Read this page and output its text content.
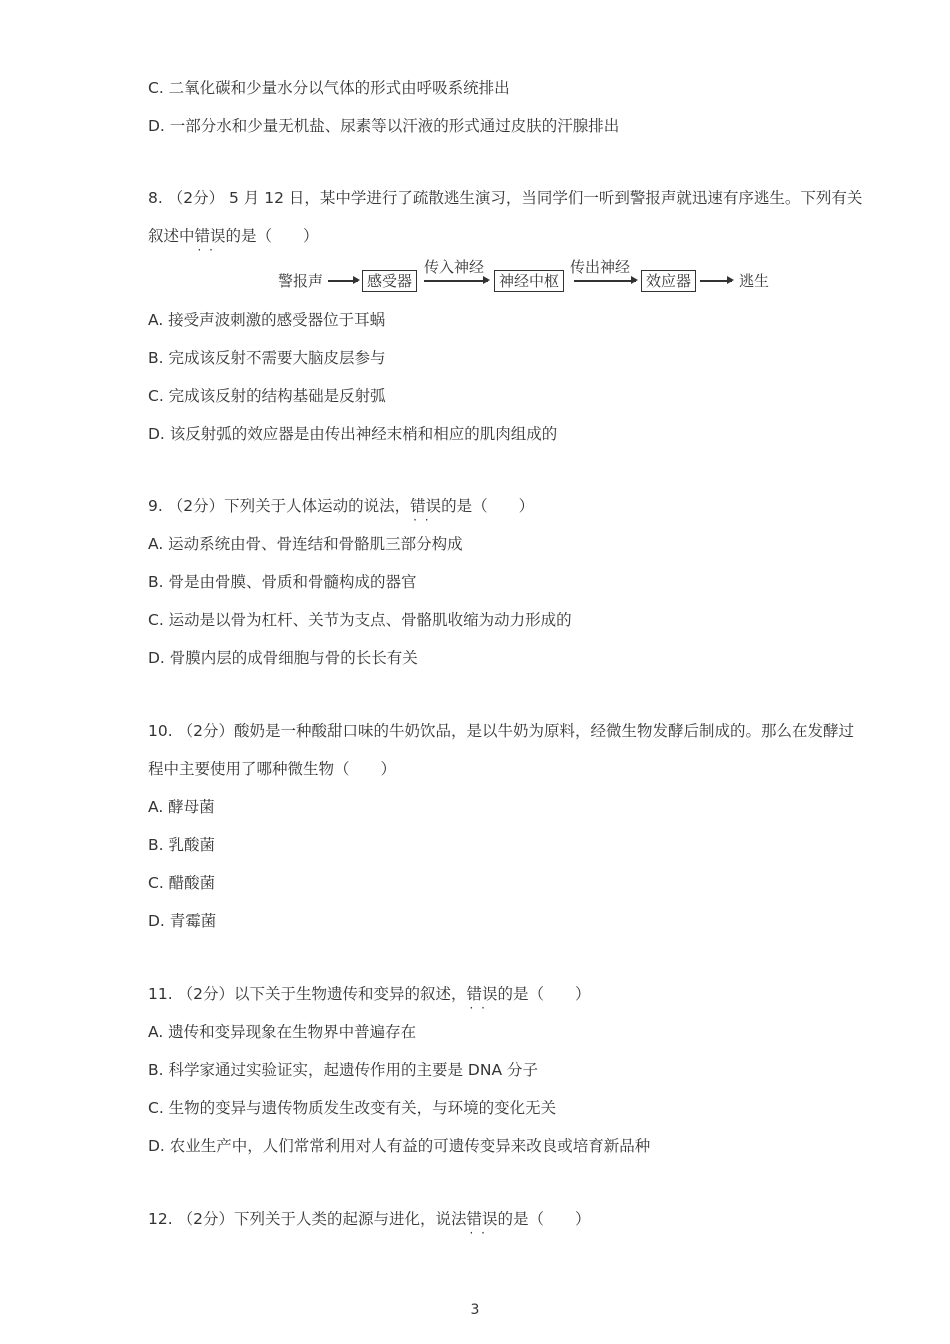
C. 二氧化碳和少量水分以气体的形式由呼吸系统排出
D. 一部分水和少量无机盐、尿素等以汗液的形式通过皮肤的汗腺排出
8. （2分） 5 月 12 日，某中学进行了疏散逃生演习，当同学们一听到警报声就迅速有序逃生。下列有关
叙述中错误 · ·的是（　　）
警报声	感受器
传入神经
神经中枢
传出神经
效应器	逃生
A. 接受声波刺激的感受器位于耳蜗
B. 完成该反射不需要大脑皮层参与
C. 完成该反射的结构基础是反射弧
D. 该反射弧的效应器是由传出神经末梢和相应的肌肉组成的
9. （2分）下列关于人体运动的说法，错误 · ·的是（　　）
A. 运动系统由骨、骨连结和骨骼肌三部分构成
B. 骨是由骨膜、骨质和骨髓构成的器官
C. 运动是以骨为杠杆、关节为支点、骨骼肌收缩为动力形成的
D. 骨膜内层的成骨细胞与骨的长长有关
10. （2分）酸奶是一种酸甜口味的牛奶饮品，是以牛奶为原料，经微生物发酵后制成的。那么在发酵过
程中主要使用了哪种微生物（　　）
A. 酵母菌
B. 乳酸菌
C. 醋酸菌
D. 青霉菌
11. （2分）以下关于生物遗传和变异的叙述，错误 · ·的是（　　）
A. 遗传和变异现象在生物界中普遍存在
B. 科学家通过实验证实，起遗传作用的主要是 DNA 分子
C. 生物的变异与遗传物质发生改变有关，与环境的变化无关
D. 农业生产中，人们常常利用对人有益的可遗传变异来改良或培育新品种
12. （2分）下列关于人类的起源与进化，说法错误 · ·的是（　　）
3
